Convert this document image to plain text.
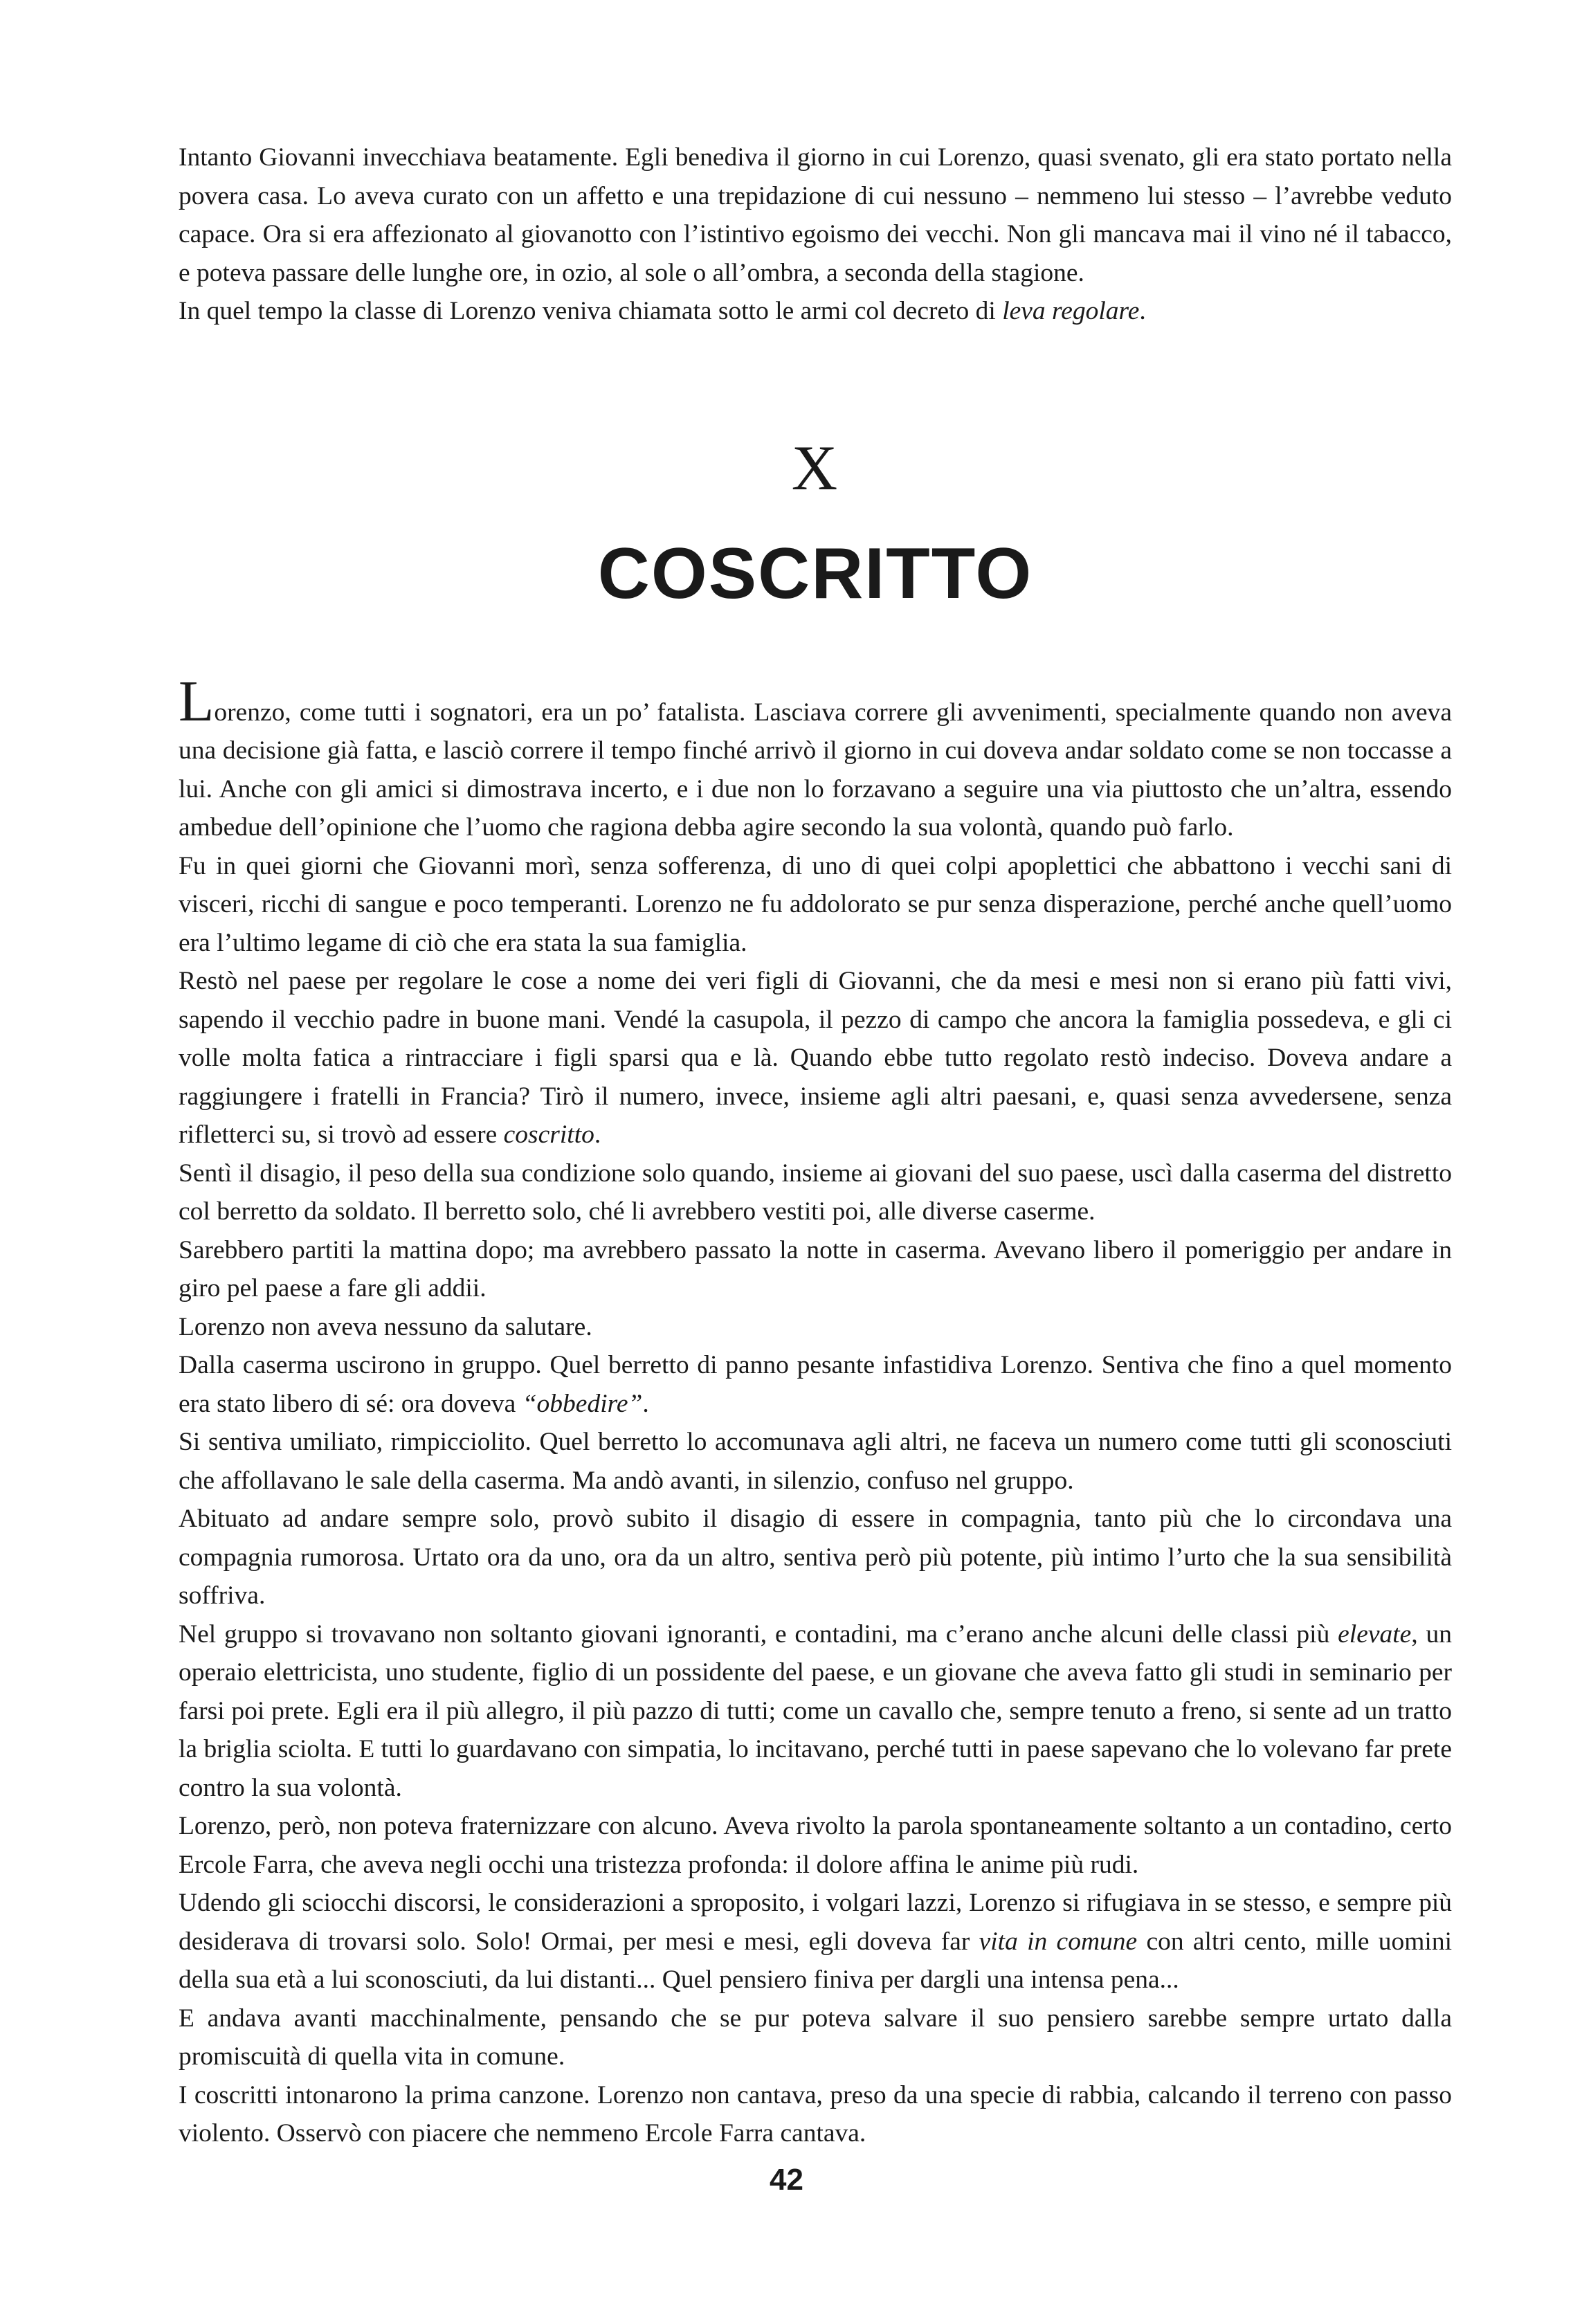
Intanto Giovanni invecchiava beatamente. Egli benediva il giorno in cui Lorenzo, quasi svenato, gli era stato portato nella povera casa. Lo aveva curato con un affetto e una trepidazione di cui nessuno – nemmeno lui stesso – l’avrebbe veduto capace. Ora si era affezionato al giovanotto con l’istintivo egoismo dei vecchi. Non gli mancava mai il vino né il tabacco, e poteva passare delle lunghe ore, in ozio, al sole o all’ombra, a seconda della stagione.

In quel tempo la classe di Lorenzo veniva chiamata sotto le armi col decreto di leva regolare.

X
COSCRITTO

Lorenzo, come tutti i sognatori, era un po’ fatalista. Lasciava correre gli avvenimenti, specialmente quando non aveva una decisione già fatta, e lasciò correre il tempo finché arrivò il giorno in cui doveva andar soldato come se non toccasse a lui. Anche con gli amici si dimostrava incerto, e i due non lo forzavano a seguire una via piuttosto che un’altra, essendo ambedue dell’opinione che l’uomo che ragiona debba agire secondo la sua volontà, quando può farlo.

Fu in quei giorni che Giovanni morì, senza sofferenza, di uno di quei colpi apoplettici che abbattono i vecchi sani di visceri, ricchi di sangue e poco temperanti. Lorenzo ne fu addolorato se pur senza disperazione, perché anche quell’uomo era l’ultimo legame di ciò che era stata la sua famiglia.

Restò nel paese per regolare le cose a nome dei veri figli di Giovanni, che da mesi e mesi non si erano più fatti vivi, sapendo il vecchio padre in buone mani. Vendé la casupola, il pezzo di campo che ancora la famiglia possedeva, e gli ci volle molta fatica a rintracciare i figli sparsi qua e là. Quando ebbe tutto regolato restò indeciso. Doveva andare a raggiungere i fratelli in Francia? Tirò il numero, invece, insieme agli altri paesani, e, quasi senza avvedersene, senza rifletterci su, si trovò ad essere coscritto.

Sentì il disagio, il peso della sua condizione solo quando, insieme ai giovani del suo paese, uscì dalla caserma del distretto col berretto da soldato. Il berretto solo, ché li avrebbero vestiti poi, alle diverse caserme.

Sarebbero partiti la mattina dopo; ma avrebbero passato la notte in caserma. Avevano libero il pomeriggio per andare in giro pel paese a fare gli addii.

Lorenzo non aveva nessuno da salutare.

Dalla caserma uscirono in gruppo. Quel berretto di panno pesante infastidiva Lorenzo. Sentiva che fino a quel momento era stato libero di sé: ora doveva “obbedire”.

Si sentiva umiliato, rimpicciolito. Quel berretto lo accomunava agli altri, ne faceva un numero come tutti gli sconosciuti che affollavano le sale della caserma. Ma andò avanti, in silenzio, confuso nel gruppo.

Abituato ad andare sempre solo, provò subito il disagio di essere in compagnia, tanto più che lo circondava una compagnia rumorosa. Urtato ora da uno, ora da un altro, sentiva però più potente, più intimo l’urto che la sua sensibilità soffriva.

Nel gruppo si trovavano non soltanto giovani ignoranti, e contadini, ma c’erano anche alcuni delle classi più elevate, un operaio elettricista, uno studente, figlio di un possidente del paese, e un giovane che aveva fatto gli studi in seminario per farsi poi prete. Egli era il più allegro, il più pazzo di tutti; come un cavallo che, sempre tenuto a freno, si sente ad un tratto la briglia sciolta. E tutti lo guardavano con simpatia, lo incitavano, perché tutti in paese sapevano che lo volevano far prete contro la sua volontà.

Lorenzo, però, non poteva fraternizzare con alcuno. Aveva rivolto la parola spontaneamente soltanto a un contadino, certo Ercole Farra, che aveva negli occhi una tristezza profonda: il dolore affina le anime più rudi.

Udendo gli sciocchi discorsi, le considerazioni a sproposito, i volgari lazzi, Lorenzo si rifugiava in se stesso, e sempre più desiderava di trovarsi solo. Solo! Ormai, per mesi e mesi, egli doveva far vita in comune con altri cento, mille uomini della sua età a lui sconosciuti, da lui distanti... Quel pensiero finiva per dargli una intensa pena...

E andava avanti macchinalmente, pensando che se pur poteva salvare il suo pensiero sarebbe sempre urtato dalla promiscuità di quella vita in comune.

I coscritti intonarono la prima canzone. Lorenzo non cantava, preso da una specie di rabbia, calcando il terreno con passo violento. Osservò con piacere che nemmeno Ercole Farra cantava.

42
